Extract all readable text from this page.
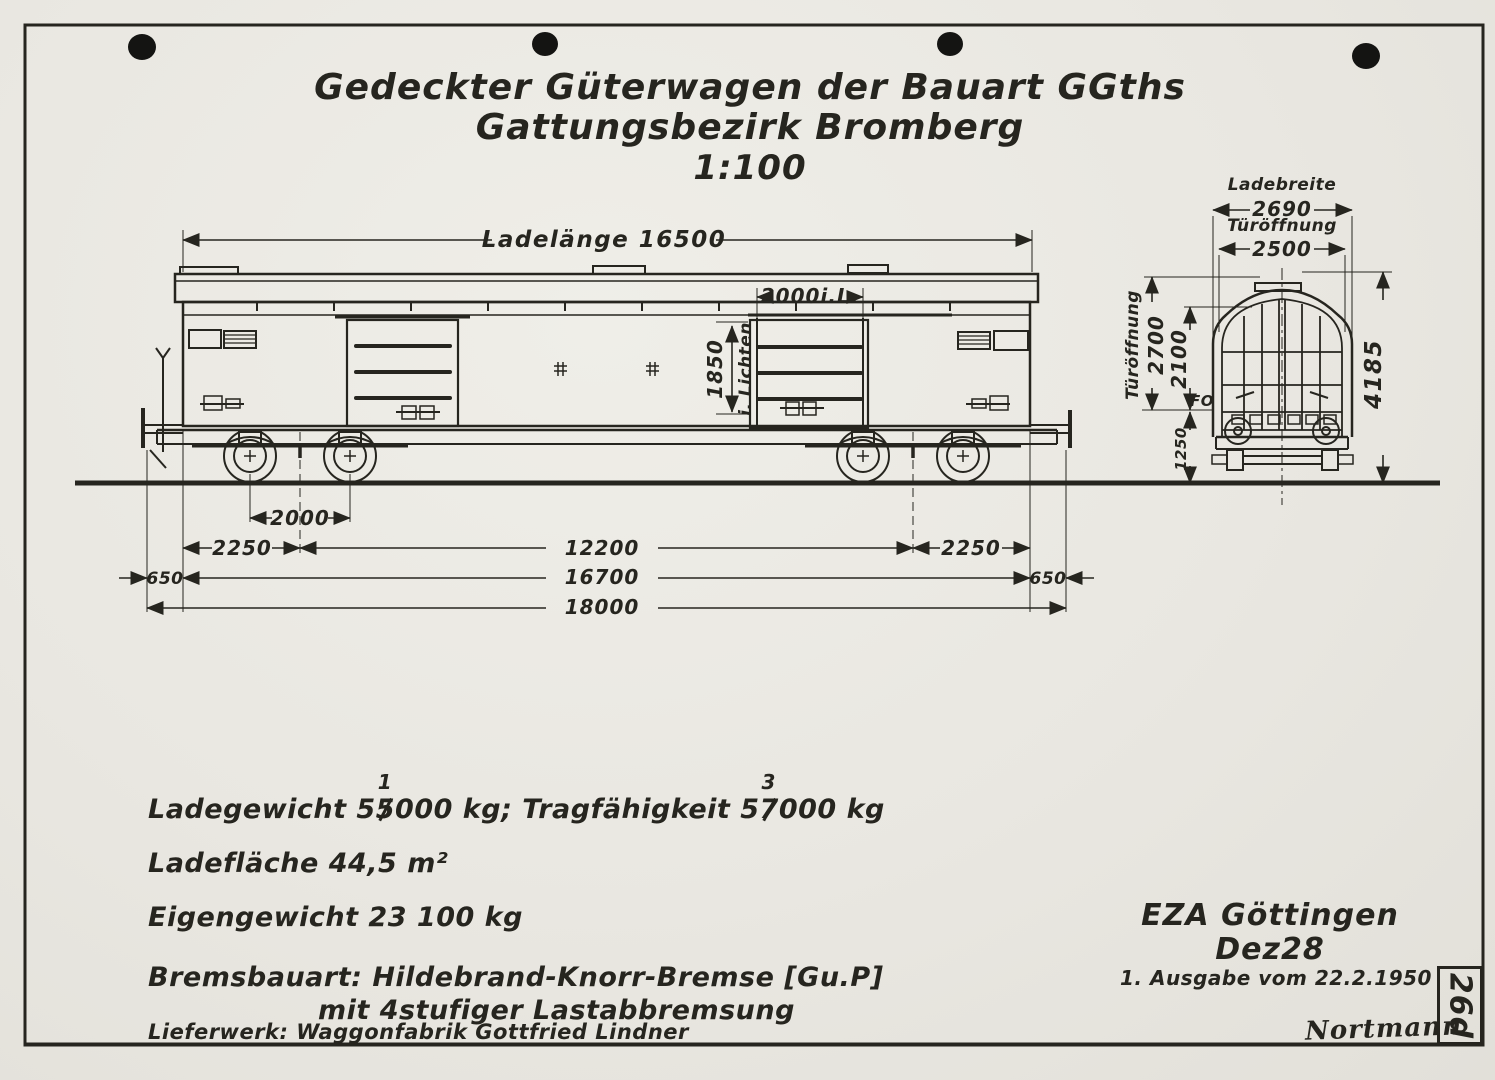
Ladelänge 16500
2000i.L.
1850 i. Lichten
2000
2250	12200	2250
650	16700	650
18000
Ladebreite
2690
Türöffnung
2500
Türöffnung 2700 2100
FO
1250
4185
Gedeckter Güterwagen der Bauart GGths
Gattungsbezirk Bromberg
1:100
Ladegewicht 5
1
5000 kg; Tragfähigkeit 5
3
7000 kg
Ladefläche 44,5 m²
Eigengewicht 23 100 kg
Bremsbauart: Hildebrand-Knorr-Bremse [Gu.P]
mit 4stufiger Lastabbremsung
Lieferwerk: Waggonfabrik Gottfried Lindner
EZA Göttingen
Dez28
1. Ausgabe vom 22.2.1950
Nortmann
26d
